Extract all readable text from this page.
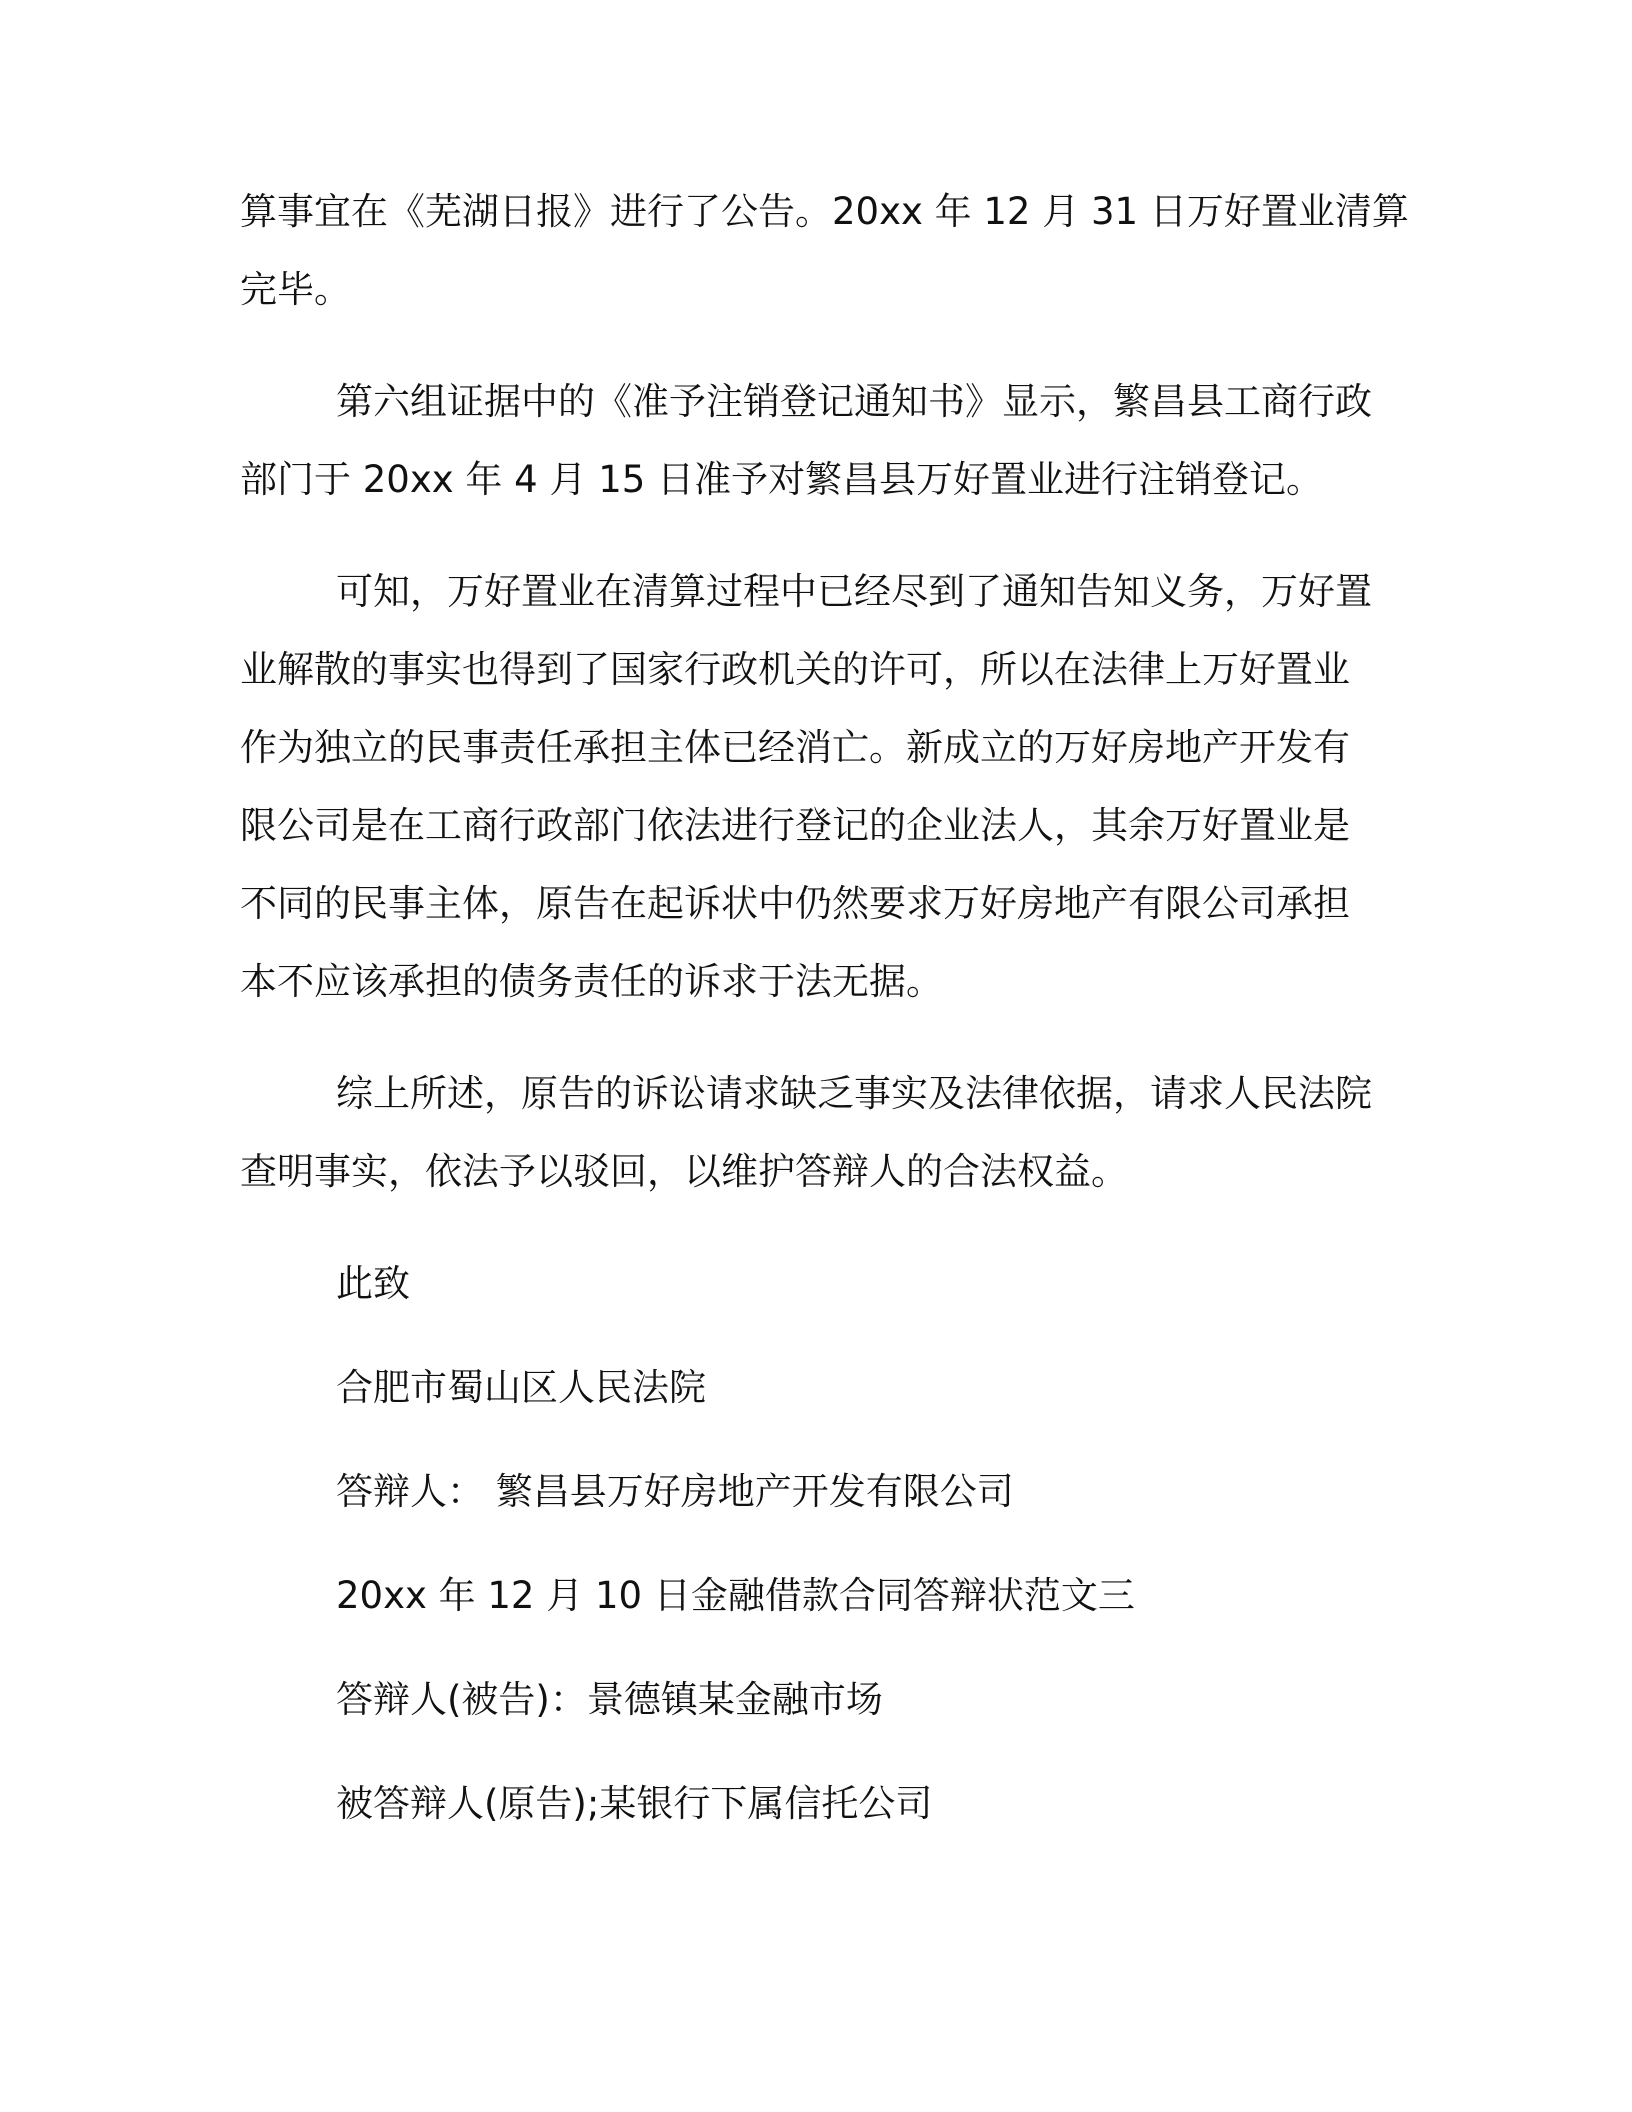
算事宜在《芜湖日报》进行了公告。20xx 年 12 月 31 日万好置业清算
完毕。
第六组证据中的《准予注销登记通知书》显示，繁昌县工商行政
部门于 20xx 年 4 月 15 日准予对繁昌县万好置业进行注销登记。
可知，万好置业在清算过程中已经尽到了通知告知义务，万好置
业解散的事实也得到了国家行政机关的许可，所以在法律上万好置业
作为独立的民事责任承担主体已经消亡。新成立的万好房地产开发有
限公司是在工商行政部门依法进行登记的企业法人，其余万好置业是
不同的民事主体，原告在起诉状中仍然要求万好房地产有限公司承担
本不应该承担的债务责任的诉求于法无据。
综上所述，原告的诉讼请求缺乏事实及法律依据，请求人民法院
查明事实，依法予以驳回，以维护答辩人的合法权益。
此致
合肥市蜀山区人民法院
答辩人： 繁昌县万好房地产开发有限公司
20xx 年 12 月 10 日金融借款合同答辩状范文三
答辩人(被告)：景德镇某金融市场
被答辩人(原告);某银行下属信托公司
